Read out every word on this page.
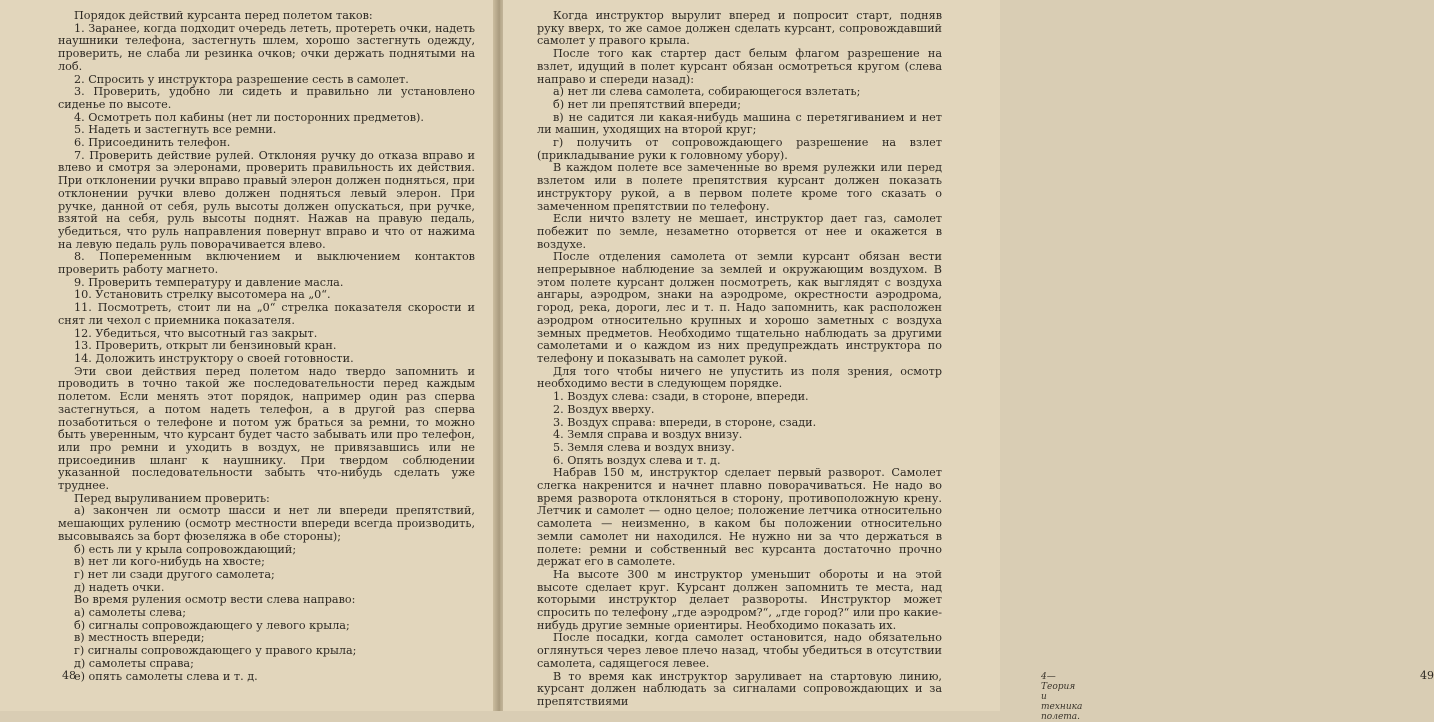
Порядок действий курсанта перед полетом таков:

1. Заранее, когда подходит очередь лететь, протереть очки, надеть наушники телефона, застегнуть шлем, хорошо застегнуть одежду, проверить, не слаба ли резинка очков; очки держать поднятыми на лоб.

2. Спросить у инструктора разрешение сесть в самолет.

3. Проверить, удобно ли сидеть и правильно ли установлено сиденье по высоте.

4. Осмотреть пол кабины (нет ли посторонних предметов).

5. Надеть и застегнуть все ремни.

6. Присоединить телефон.

7. Проверить действие рулей. Отклоняя ручку до отказа вправо и влево и смотря за элеронами, проверить правильность их действия. При отклонении ручки вправо правый элерон должен подняться, при отклонении ручки влево должен подняться левый элерон. При ручке, данной от себя, руль высоты должен опускаться, при ручке, взятой на себя, руль высоты поднят. Нажав на правую педаль, убедиться, что руль направления повернут вправо и что от нажима на левую педаль руль поворачивается влево.

8. Попеременным включением и выключением контактов проверить работу магнето.

9. Проверить температуру и давление масла.

10. Установить стрелку высотомера на „0“.

11. Посмотреть, стоит ли на „0“ стрелка показателя скорости и снят ли чехол с приемника показателя.

12. Убедиться, что высотный газ закрыт.

13. Проверить, открыт ли бензиновый кран.

14. Доложить инструктору о своей готовности.

Эти свои действия перед полетом надо твердо запомнить и проводить в точно такой же последовательности перед каждым полетом. Если менять этот порядок, например один раз сперва застегнуться, а потом надеть телефон, а в другой раз сперва позаботиться о телефоне и потом уж браться за ремни, то можно быть уверенным, что курсант будет часто забывать или про телефон, или про ремни и уходить в воздух, не привязавшись или не присоединив шланг к наушнику. При твердом соблюдении указанной последовательности забыть что-нибудь сделать уже труднее.

Перед выруливанием проверить:

а) закончен ли осмотр шасси и нет ли впереди препятствий, мешающих рулению (осмотр местности впереди всегда производить, высовываясь за борт фюзеляжа в обе стороны);

б) есть ли у крыла сопровождающий;

в) нет ли кого-нибудь на хвосте;

г) нет ли сзади другого самолета;

д) надеть очки.

Во время руления осмотр вести слева направо:

а) самолеты слева;

б) сигналы сопровождающего у левого крыла;

в) местность впереди;

г) сигналы сопровождающего у правого крыла;

д) самолеты справа;

е) опять самолеты слева и т. д.

48

Когда инструктор вырулит вперед и попросит старт, подняв руку вверх, то же самое должен сделать курсант, сопровождавший самолет у правого крыла.

После того как стартер даст белым флагом разрешение на взлет, идущий в полет курсант обязан осмотреться кругом (слева направо и спереди назад):

а) нет ли слева самолета, собирающегося взлетать;

б) нет ли препятствий впереди;

в) не садится ли какая-нибудь машина с перетягиванием и нет ли машин, уходящих на второй круг;

г) получить от сопровождающего разрешение на взлет (прикладывание руки к головному убору).

В каждом полете все замеченные во время рулежки или перед взлетом или в полете препятствия курсант должен показать инструктору рукой, а в первом полете кроме того сказать о замеченном препятствии по телефону.

Если ничто взлету не мешает, инструктор дает газ, самолет побежит по земле, незаметно оторвется от нее и окажется в воздухе.

После отделения самолета от земли курсант обязан вести непрерывное наблюдение за землей и окружающим воздухом. В этом полете курсант должен посмотреть, как выглядят с воздуха ангары, аэродром, знаки на аэродроме, окрестности аэродрома, город, река, дороги, лес и т. п. Надо запомнить, как расположен аэродром относительно крупных и хорошо заметных с воздуха земных предметов. Необходимо тщательно наблюдать за другими самолетами и о каждом из них предупреждать инструктора по телефону и показывать на самолет рукой.

Для того чтобы ничего не упустить из поля зрения, осмотр необходимо вести в следующем порядке.

1. Воздух слева: сзади, в стороне, впереди.

2. Воздух вверху.

3. Воздух справа: впереди, в стороне, сзади.

4. Земля справа и воздух внизу.

5. Земля слева и воздух внизу.

6. Опять воздух слева и т. д.

Набрав 150 м, инструктор сделает первый разворот. Самолет слегка накренится и начнет плавно поворачиваться. Не надо во время разворота отклоняться в сторону, противоположную крену. Летчик и самолет — одно целое; положение летчика относительно самолета — неизменно, в каком бы положении относительно земли самолет ни находился. Не нужно ни за что держаться в полете: ремни и собственный вес курсанта достаточно прочно держат его в самолете.

На высоте 300 м инструктор уменьшит обороты и на этой высоте сделает круг. Курсант должен запомнить те места, над которыми инструктор делает развороты. Инструктор может спросить по телефону „где аэродром?“, „где город?“ или про какие-нибудь другие земные ориентиры. Необходимо показать их.

После посадки, когда самолет остановится, надо обязательно оглянуться через левое плечо назад, чтобы убедиться в отсутствии самолета, садящегося левее.

В то время как инструктор заруливает на стартовую линию, курсант должен наблюдать за сигналами сопровождающих и за препятствиями

4—Теория и техника полета.
49
